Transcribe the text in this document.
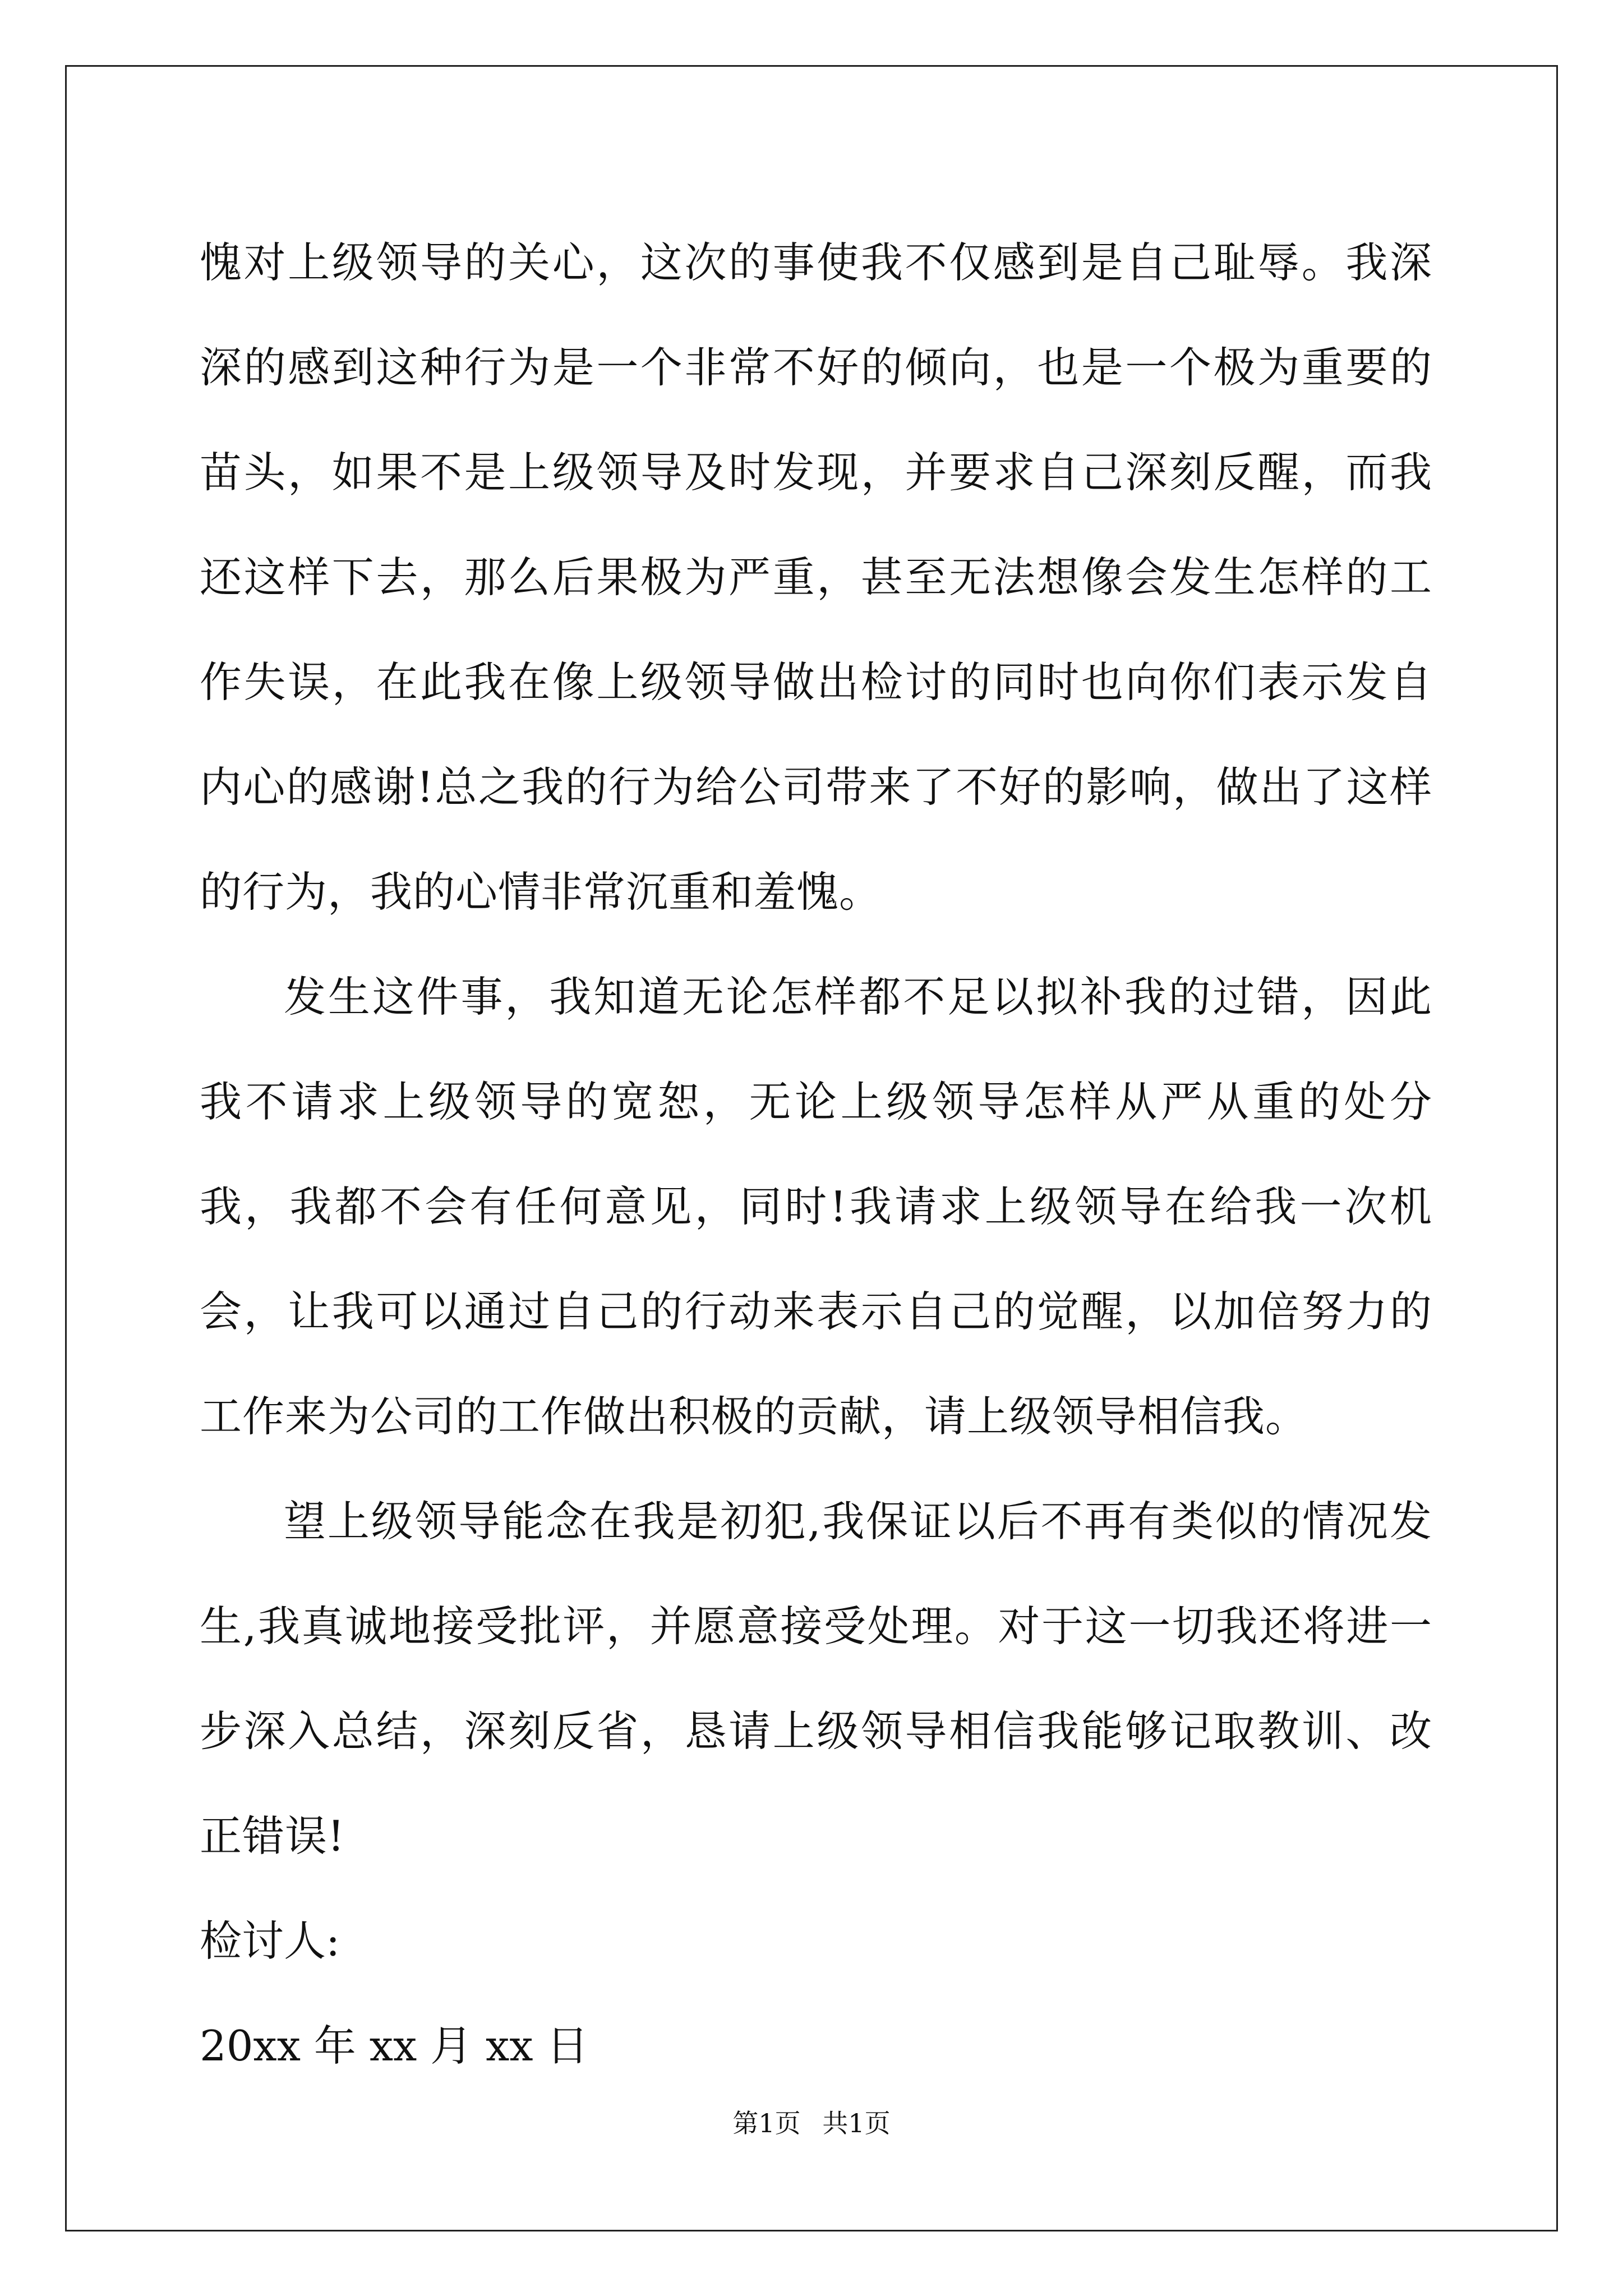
愧对上级领导的关心，这次的事使我不仅感到是自己耻辱。我深深的感到这种行为是一个非常不好的倾向，也是一个极为重要的苗头，如果不是上级领导及时发现，并要求自己深刻反醒，而我还这样下去，那么后果极为严重，甚至无法想像会发生怎样的工作失误，在此我在像上级领导做出检讨的同时也向你们表示发自内心的感谢!总之我的行为给公司带来了不好的影响，做出了这样的行为，我的心情非常沉重和羞愧。

发生这件事，我知道无论怎样都不足以拟补我的过错，因此我不请求上级领导的宽恕，无论上级领导怎样从严从重的处分我，我都不会有任何意见，同时!我请求上级领导在给我一次机会，让我可以通过自己的行动来表示自己的觉醒，以加倍努力的工作来为公司的工作做出积极的贡献，请上级领导相信我。

望上级领导能念在我是初犯,我保证以后不再有类似的情况发生,我真诚地接受批评，并愿意接受处理。对于这一切我还将进一步深入总结，深刻反省，恳请上级领导相信我能够记取教训、改正错误!

检讨人:

20xx 年 xx 月 xx 日

第1页 共1页
